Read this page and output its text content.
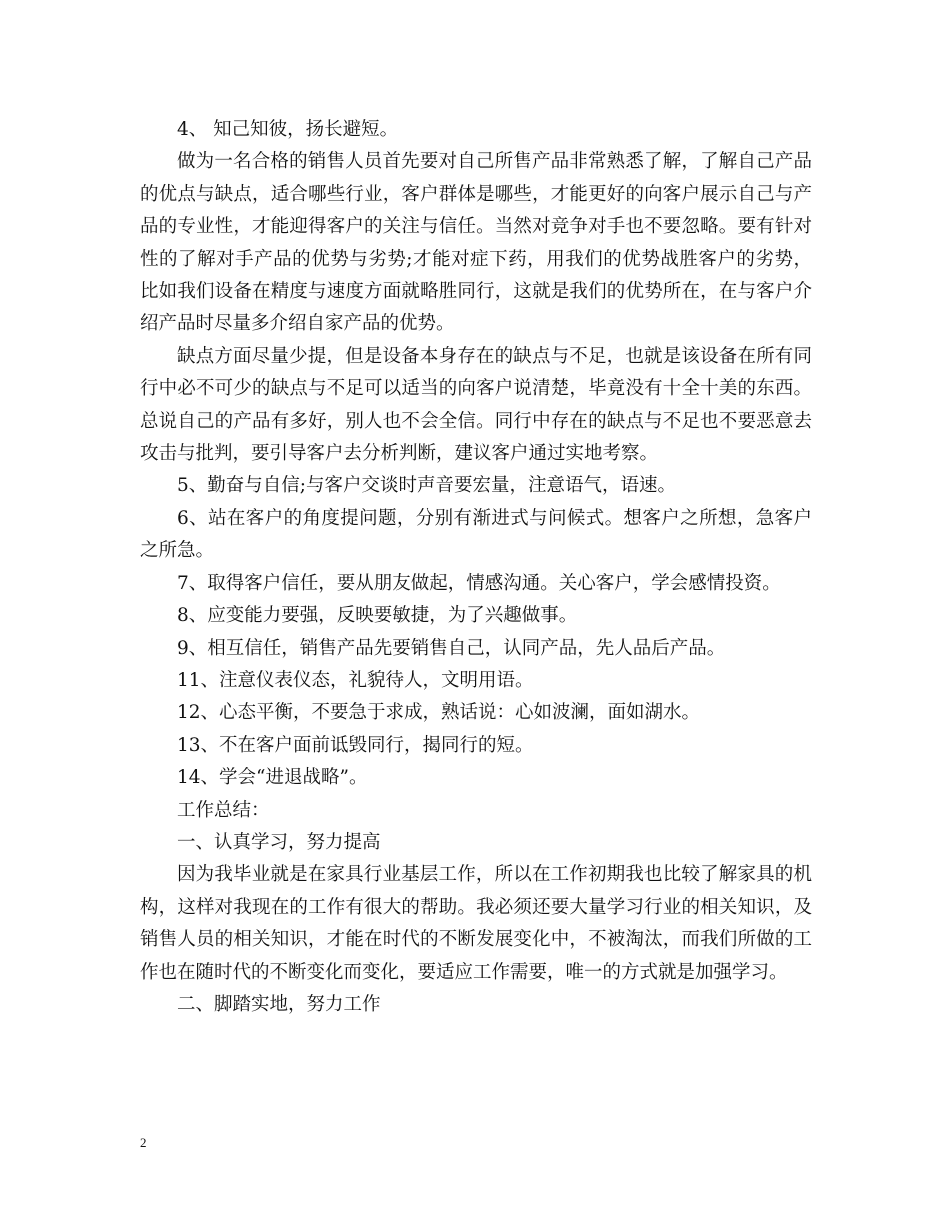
4、 知己知彼，扬长避短。

做为一名合格的销售人员首先要对自己所售产品非常熟悉了解，了解自己产品的优点与缺点，适合哪些行业，客户群体是哪些，才能更好的向客户展示自己与产品的专业性，才能迎得客户的关注与信任。当然对竞争对手也不要忽略。要有针对性的了解对手产品的优势与劣势;才能对症下药，用我们的优势战胜客户的劣势，比如我们设备在精度与速度方面就略胜同行，这就是我们的优势所在，在与客户介绍产品时尽量多介绍自家产品的优势。

缺点方面尽量少提，但是设备本身存在的缺点与不足，也就是该设备在所有同行中必不可少的缺点与不足可以适当的向客户说清楚，毕竟没有十全十美的东西。总说自己的产品有多好，别人也不会全信。同行中存在的缺点与不足也不要恶意去攻击与批判，要引导客户去分析判断，建议客户通过实地考察。

5、勤奋与自信;与客户交谈时声音要宏量，注意语气，语速。

6、站在客户的角度提问题，分别有渐进式与问候式。想客户之所想，急客户之所急。

7、取得客户信任，要从朋友做起，情感沟通。关心客户，学会感情投资。

8、应变能力要强，反映要敏捷，为了兴趣做事。

9、相互信任，销售产品先要销售自己，认同产品，先人品后产品。

11、注意仪表仪态，礼貌待人，文明用语。

12、心态平衡，不要急于求成，熟话说：心如波澜，面如湖水。

13、不在客户面前诋毁同行，揭同行的短。

14、学会“进退战略”。

工作总结：

一、认真学习，努力提高

因为我毕业就是在家具行业基层工作，所以在工作初期我也比较了解家具的机构，这样对我现在的工作有很大的帮助。我必须还要大量学习行业的相关知识，及销售人员的相关知识，才能在时代的不断发展变化中，不被淘汰，而我们所做的工作也在随时代的不断变化而变化，要适应工作需要，唯一的方式就是加强学习。

二、脚踏实地，努力工作

2
